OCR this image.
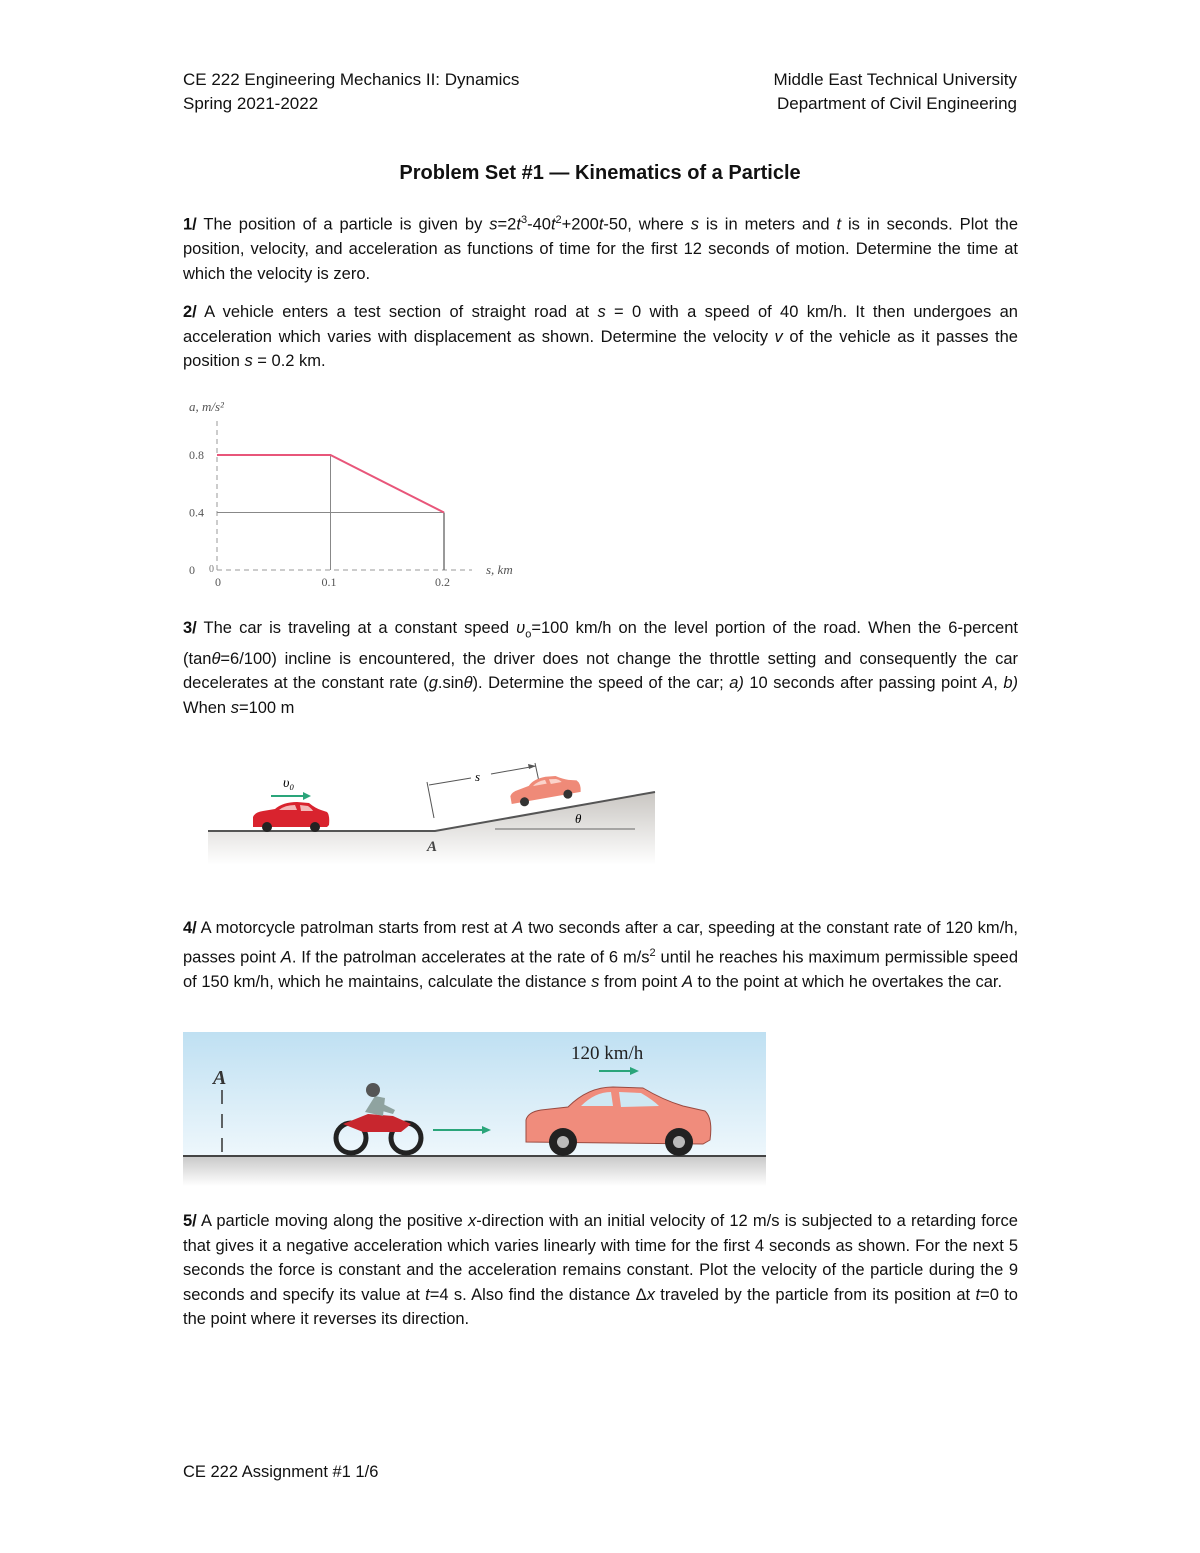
CE 222 Engineering Mechanics II: Dynamics
Spring 2021-2022
Middle East Technical University
Department of Civil Engineering
Problem Set #1 — Kinematics of a Particle
1/ The position of a particle is given by $s=2t^3-40t^2+200t-50$, where s is in meters and t is in seconds. Plot the position, velocity, and acceleration as functions of time for the first 12 seconds of motion. Determine the time at which the velocity is zero.
2/ A vehicle enters a test section of straight road at s = 0 with a speed of 40 km/h. It then undergoes an acceleration which varies with displacement as shown. Determine the velocity v of the vehicle as it passes the position s = 0.2 km.
0
0.4
0.8
0	0.1	0.2
0	s, km
a, m/s²
3/ The car is traveling at a constant speed $\upsilon_o=100$ km/h on the level portion of the road. When the 6-percent (tanθ=6/100) incline is encountered, the driver does not change the throttle setting and consequently the car decelerates at the constant rate (g.sinθ). Determine the speed of the car; a) 10 seconds after passing point A, b) When s=100 m
s
θ
A
υ₀
4/ A motorcycle patrolman starts from rest at A two seconds after a car, speeding at the constant rate of 120 km/h, passes point A. If the patrolman accelerates at the rate of 6 $m/s^2$ until he reaches his maximum permissible speed of 150 km/h, which he maintains, calculate the distance s from point A to the point at which he overtakes the car.
A
120 km/h
5/ A particle moving along the positive x-direction with an initial velocity of 12 m/s is subjected to a retarding force that gives it a negative acceleration which varies linearly with time for the first 4 seconds as shown. For the next 5 seconds the force is constant and the acceleration remains constant. Plot the velocity of the particle during the 9 seconds and specify its value at t=4 s. Also find the distance Δx traveled by the particle from its position at t=0 to the point where it reverses its direction.
CE 222 Assignment #1 1/6
